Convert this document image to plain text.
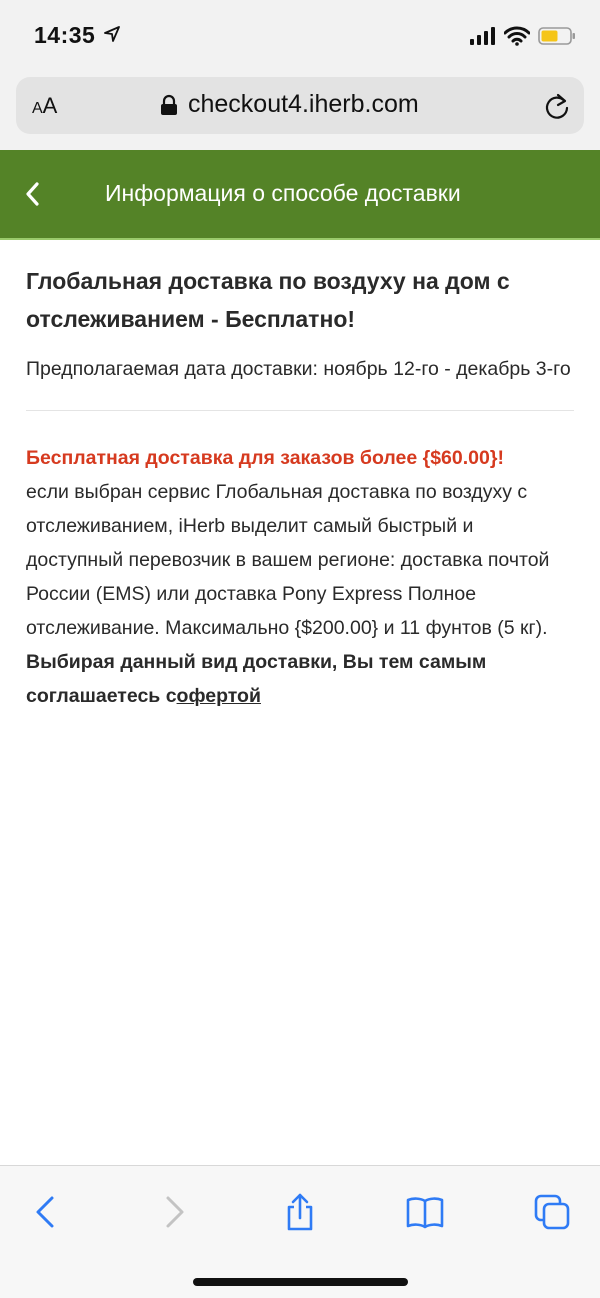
14:35
AA	checkout4.iherb.com
Информация о способе доставки
Глобальная доставка по воздуху на дом с отслеживанием - Бесплатно!

Предполагаемая дата доставки: ноябрь 12-го - декабрь 3-го

Бесплатная доставка для заказов более {$60.00}!
если выбран сервис Глобальная доставка по воздуху с отслеживанием, iHerb выделит самый быстрый и доступный перевозчик в вашем регионе: доставка почтой России (EMS) или доставка Pony Express Полное отслеживание. Максимально {$200.00} и 11 фунтов (5 кг).
Выбирая данный вид доставки, Вы тем самым соглашаетесь софертой
